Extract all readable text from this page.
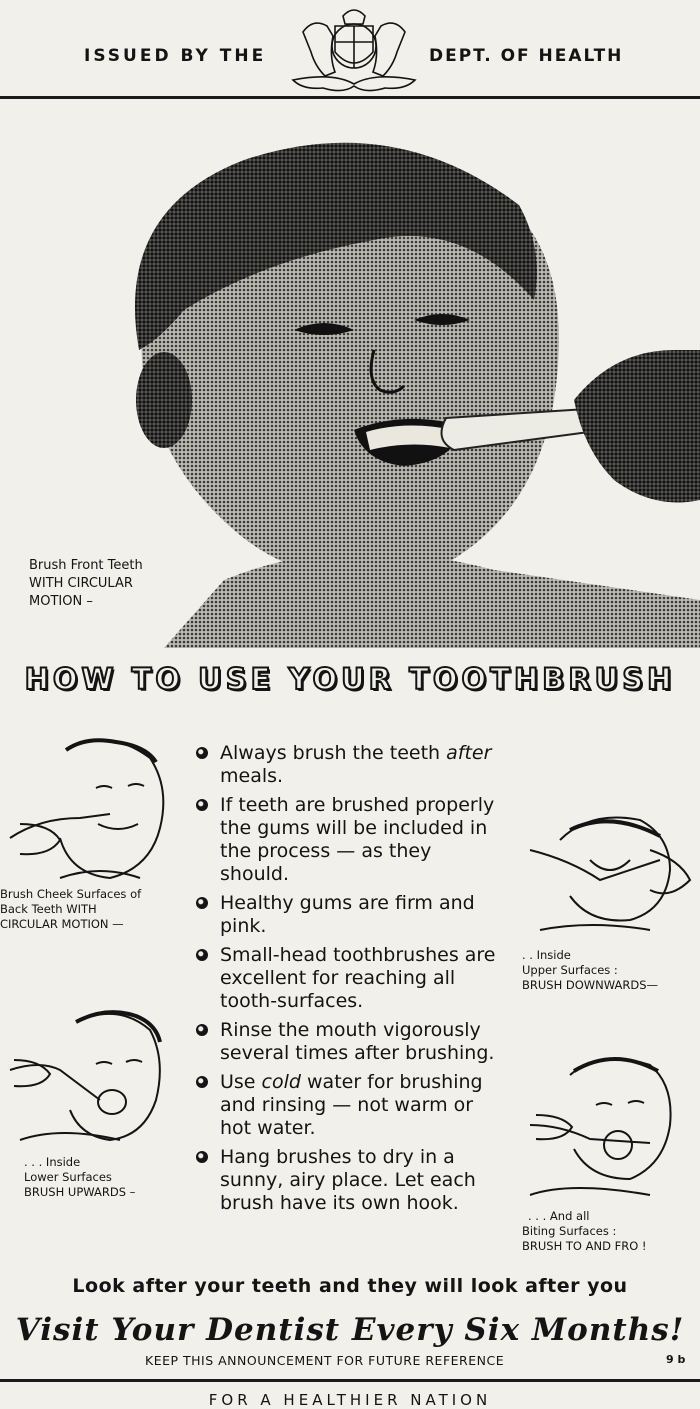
ISSUED BY THE	DEPT. OF HEALTH
Brush Front Teeth
WITH CIRCULAR
MOTION –
HOW TO USE YOUR TOOTHBRUSH
Brush Cheek Surfaces of
Back Teeth WITH
CIRCULAR MOTION —
. . . Inside
Lower Surfaces
BRUSH UPWARDS –
Always brush the teeth after meals.
If teeth are brushed properly the gums will be included in the process — as they should.
Healthy gums are firm and pink.
Small-head toothbrushes are excellent for reaching all tooth-surfaces.
Rinse the mouth vigorously several times after brushing.
Use cold water for brushing and rinsing — not warm or hot water.
Hang brushes to dry in a sunny, airy place. Let each brush have its own hook.
. . Inside
Upper Surfaces :
BRUSH DOWNWARDS—
. . . And all
Biting Surfaces :
BRUSH TO AND FRO !
Look after your teeth and they will look after you
Visit Your Dentist Every Six Months!
KEEP THIS ANNOUNCEMENT FOR FUTURE REFERENCE	9 b
FOR A HEALTHIER NATION
